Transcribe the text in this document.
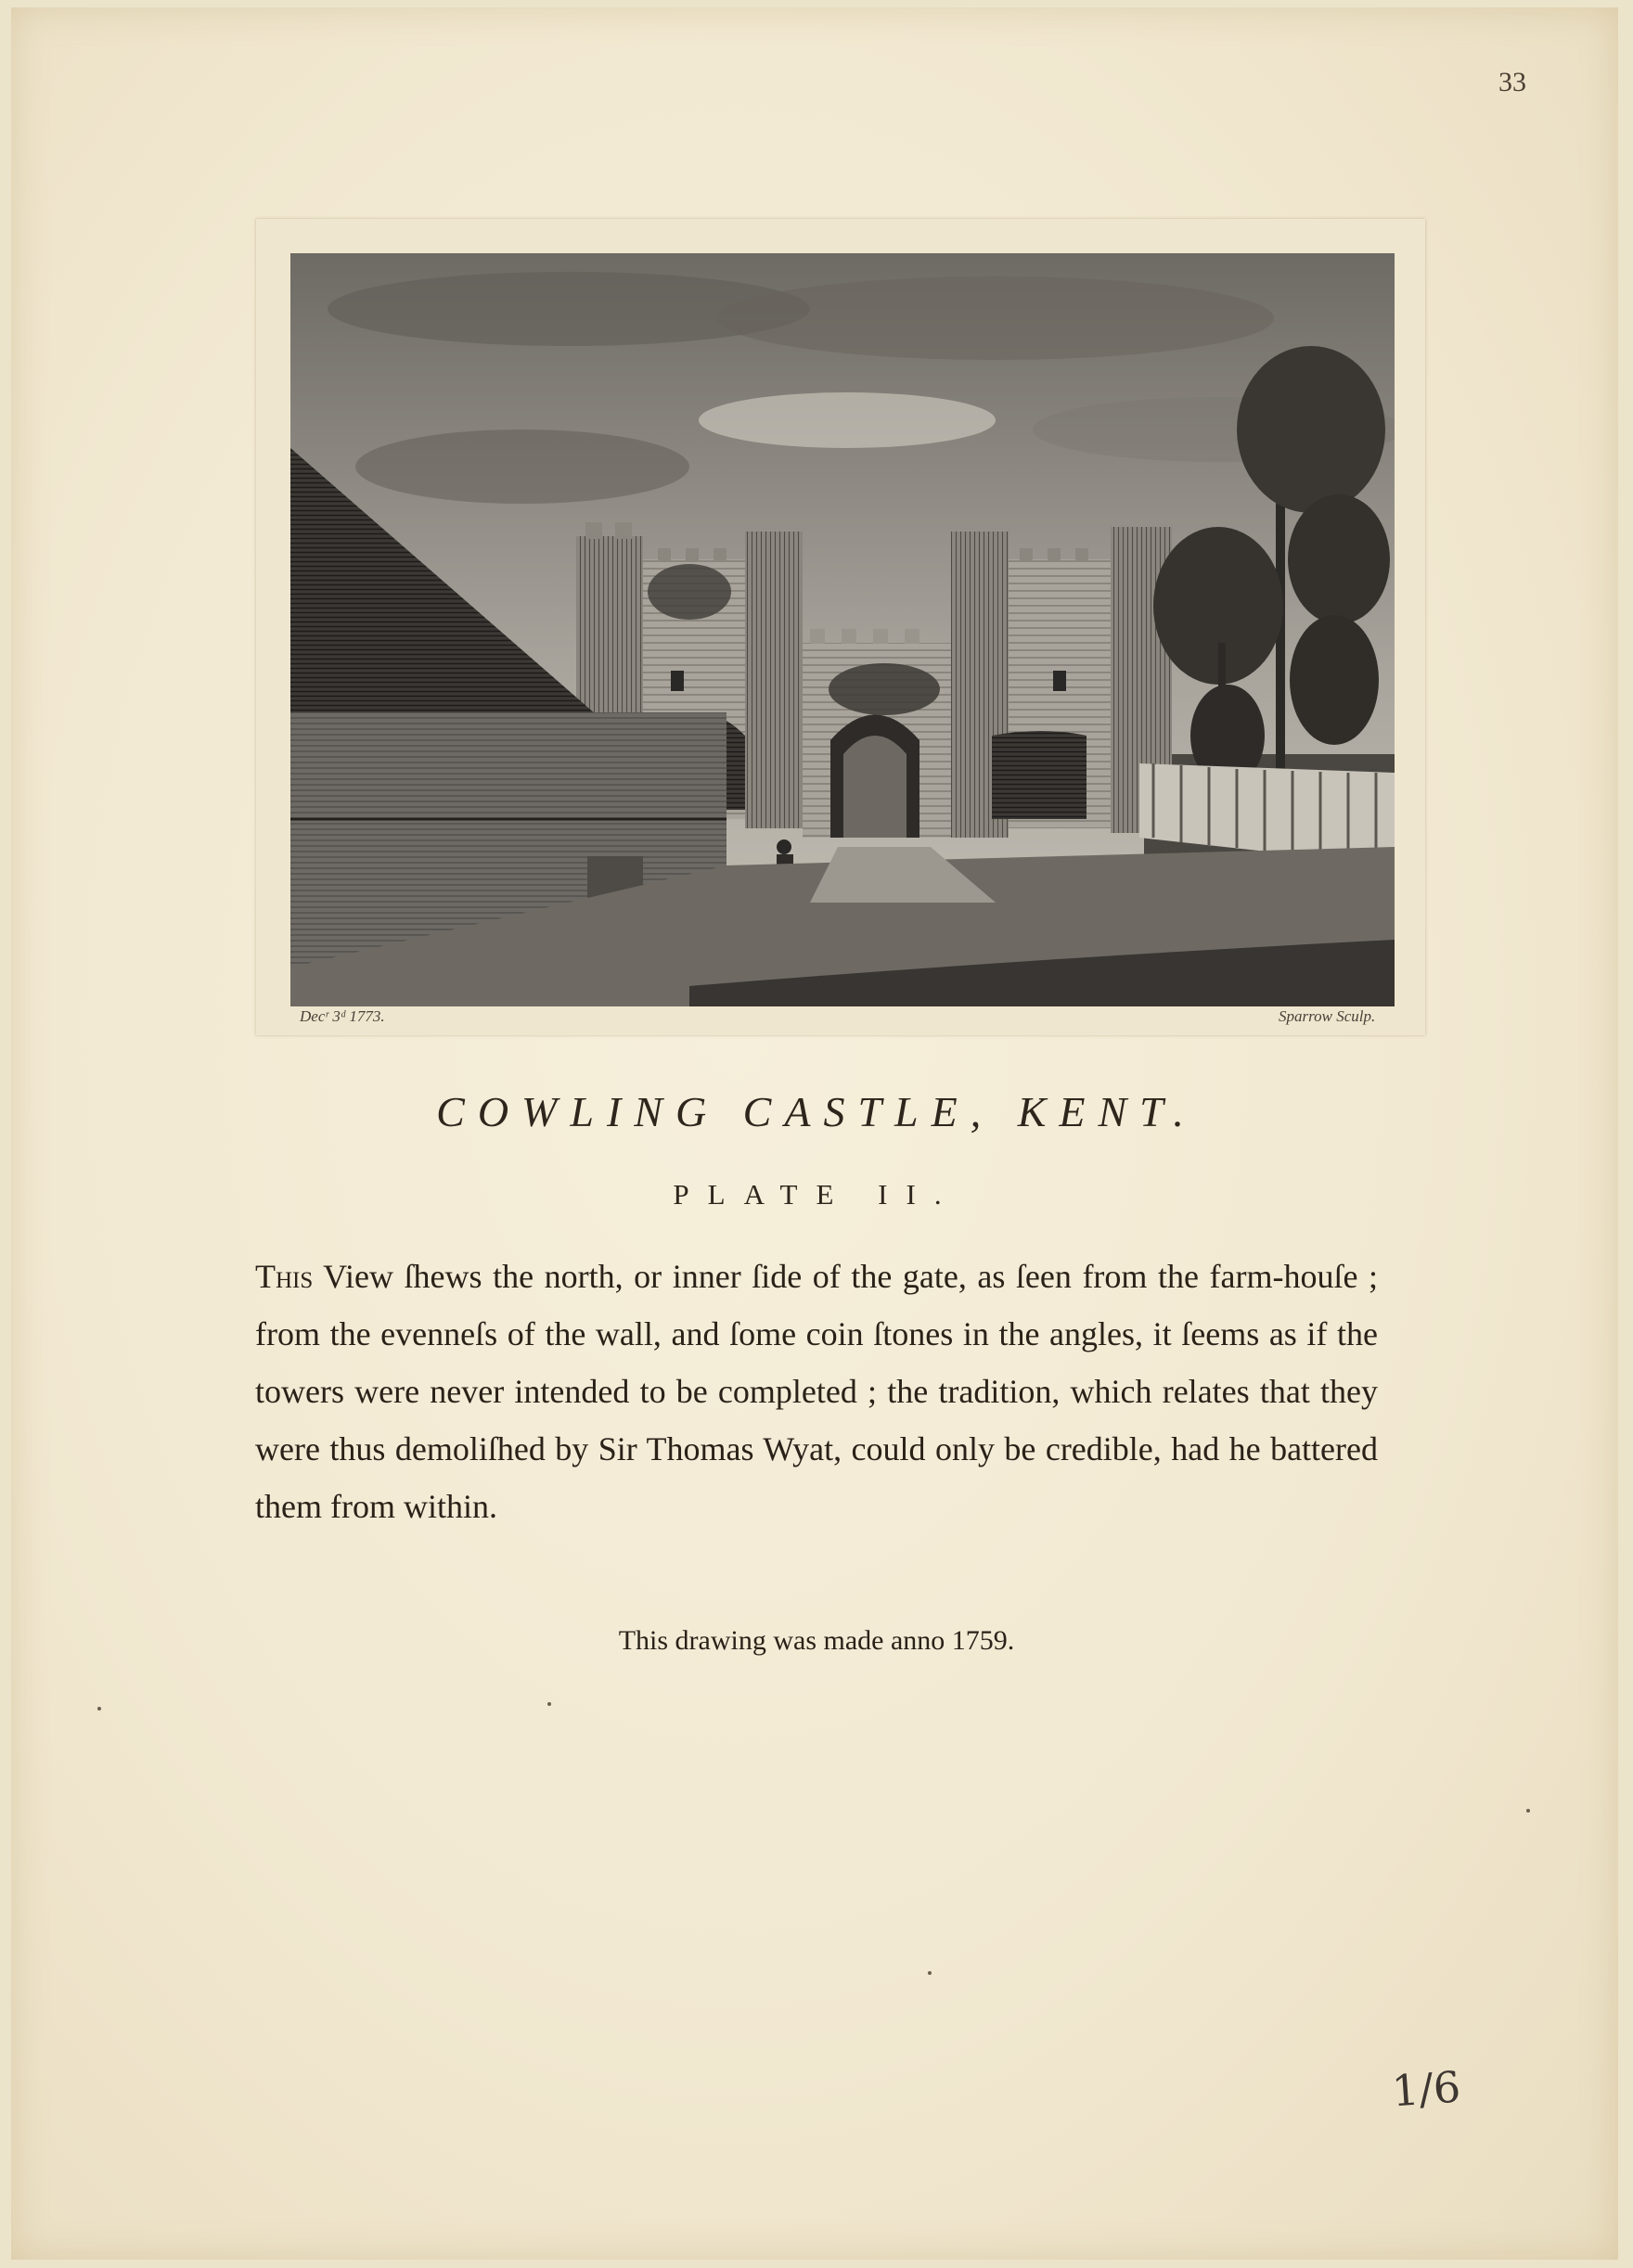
33
Decʳ 3ᵈ 1773.	Sparrow Sculp.
COWLING CASTLE, KENT.
PLATE II.
This View ſhews the north, or inner ſide of the gate, as ſeen from the farm-houſe ; from the evenneſs of the wall, and ſome coin ſtones in the angles, it ſeems as if the towers were never intended to be completed ; the tradition, which relates that they were thus demoliſhed by Sir Thomas Wyat, could only be credible, had he battered them from within.
This drawing was made anno 1759.
1/6
